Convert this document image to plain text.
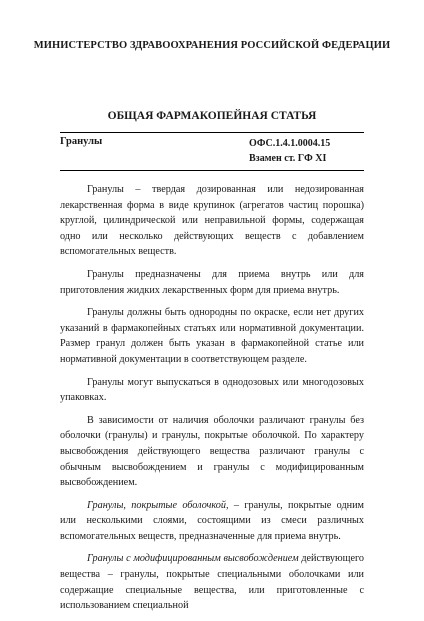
МИНИСТЕРСТВО ЗДРАВООХРАНЕНИЯ РОССИЙСКОЙ ФЕДЕРАЦИИ
ОБЩАЯ ФАРМАКОПЕЙНАЯ СТАТЬЯ
Гранулы	ОФС.1.4.1.0004.15
Взамен ст. ГФ XI

Гранулы – твердая дозированная или недозированная лекарственная форма в виде крупинок (агрегатов частиц порошка) круглой, цилиндрической или неправильной формы, содержащая одно или несколько действующих веществ с добавлением вспомогательных веществ.

Гранулы предназначены для приема внутрь или для приготовления жидких лекарственных форм для приема внутрь.

Гранулы должны быть однородны по окраске, если нет других указаний в фармакопейных статьях или нормативной документации. Размер гранул должен быть указан в фармакопейной статье или нормативной документации в соответствующем разделе.

Гранулы могут выпускаться в однодозовых или многодозовых упаковках.

В зависимости от наличия оболочки различают гранулы без оболочки (гранулы) и гранулы, покрытые оболочкой. По характеру высвобождения действующего вещества различают гранулы с обычным высвобождением и гранулы с модифицированным высвобождением.

Гранулы, покрытые оболочкой, – гранулы, покрытые одним или несколькими слоями, состоящими из смеси различных вспомогательных веществ, предназначенные для приема внутрь.

Гранулы с модифицированным высвобождением действующего вещества – гранулы, покрытые специальными оболочками или содержащие специальные вещества, или приготовленные с использованием специальной
